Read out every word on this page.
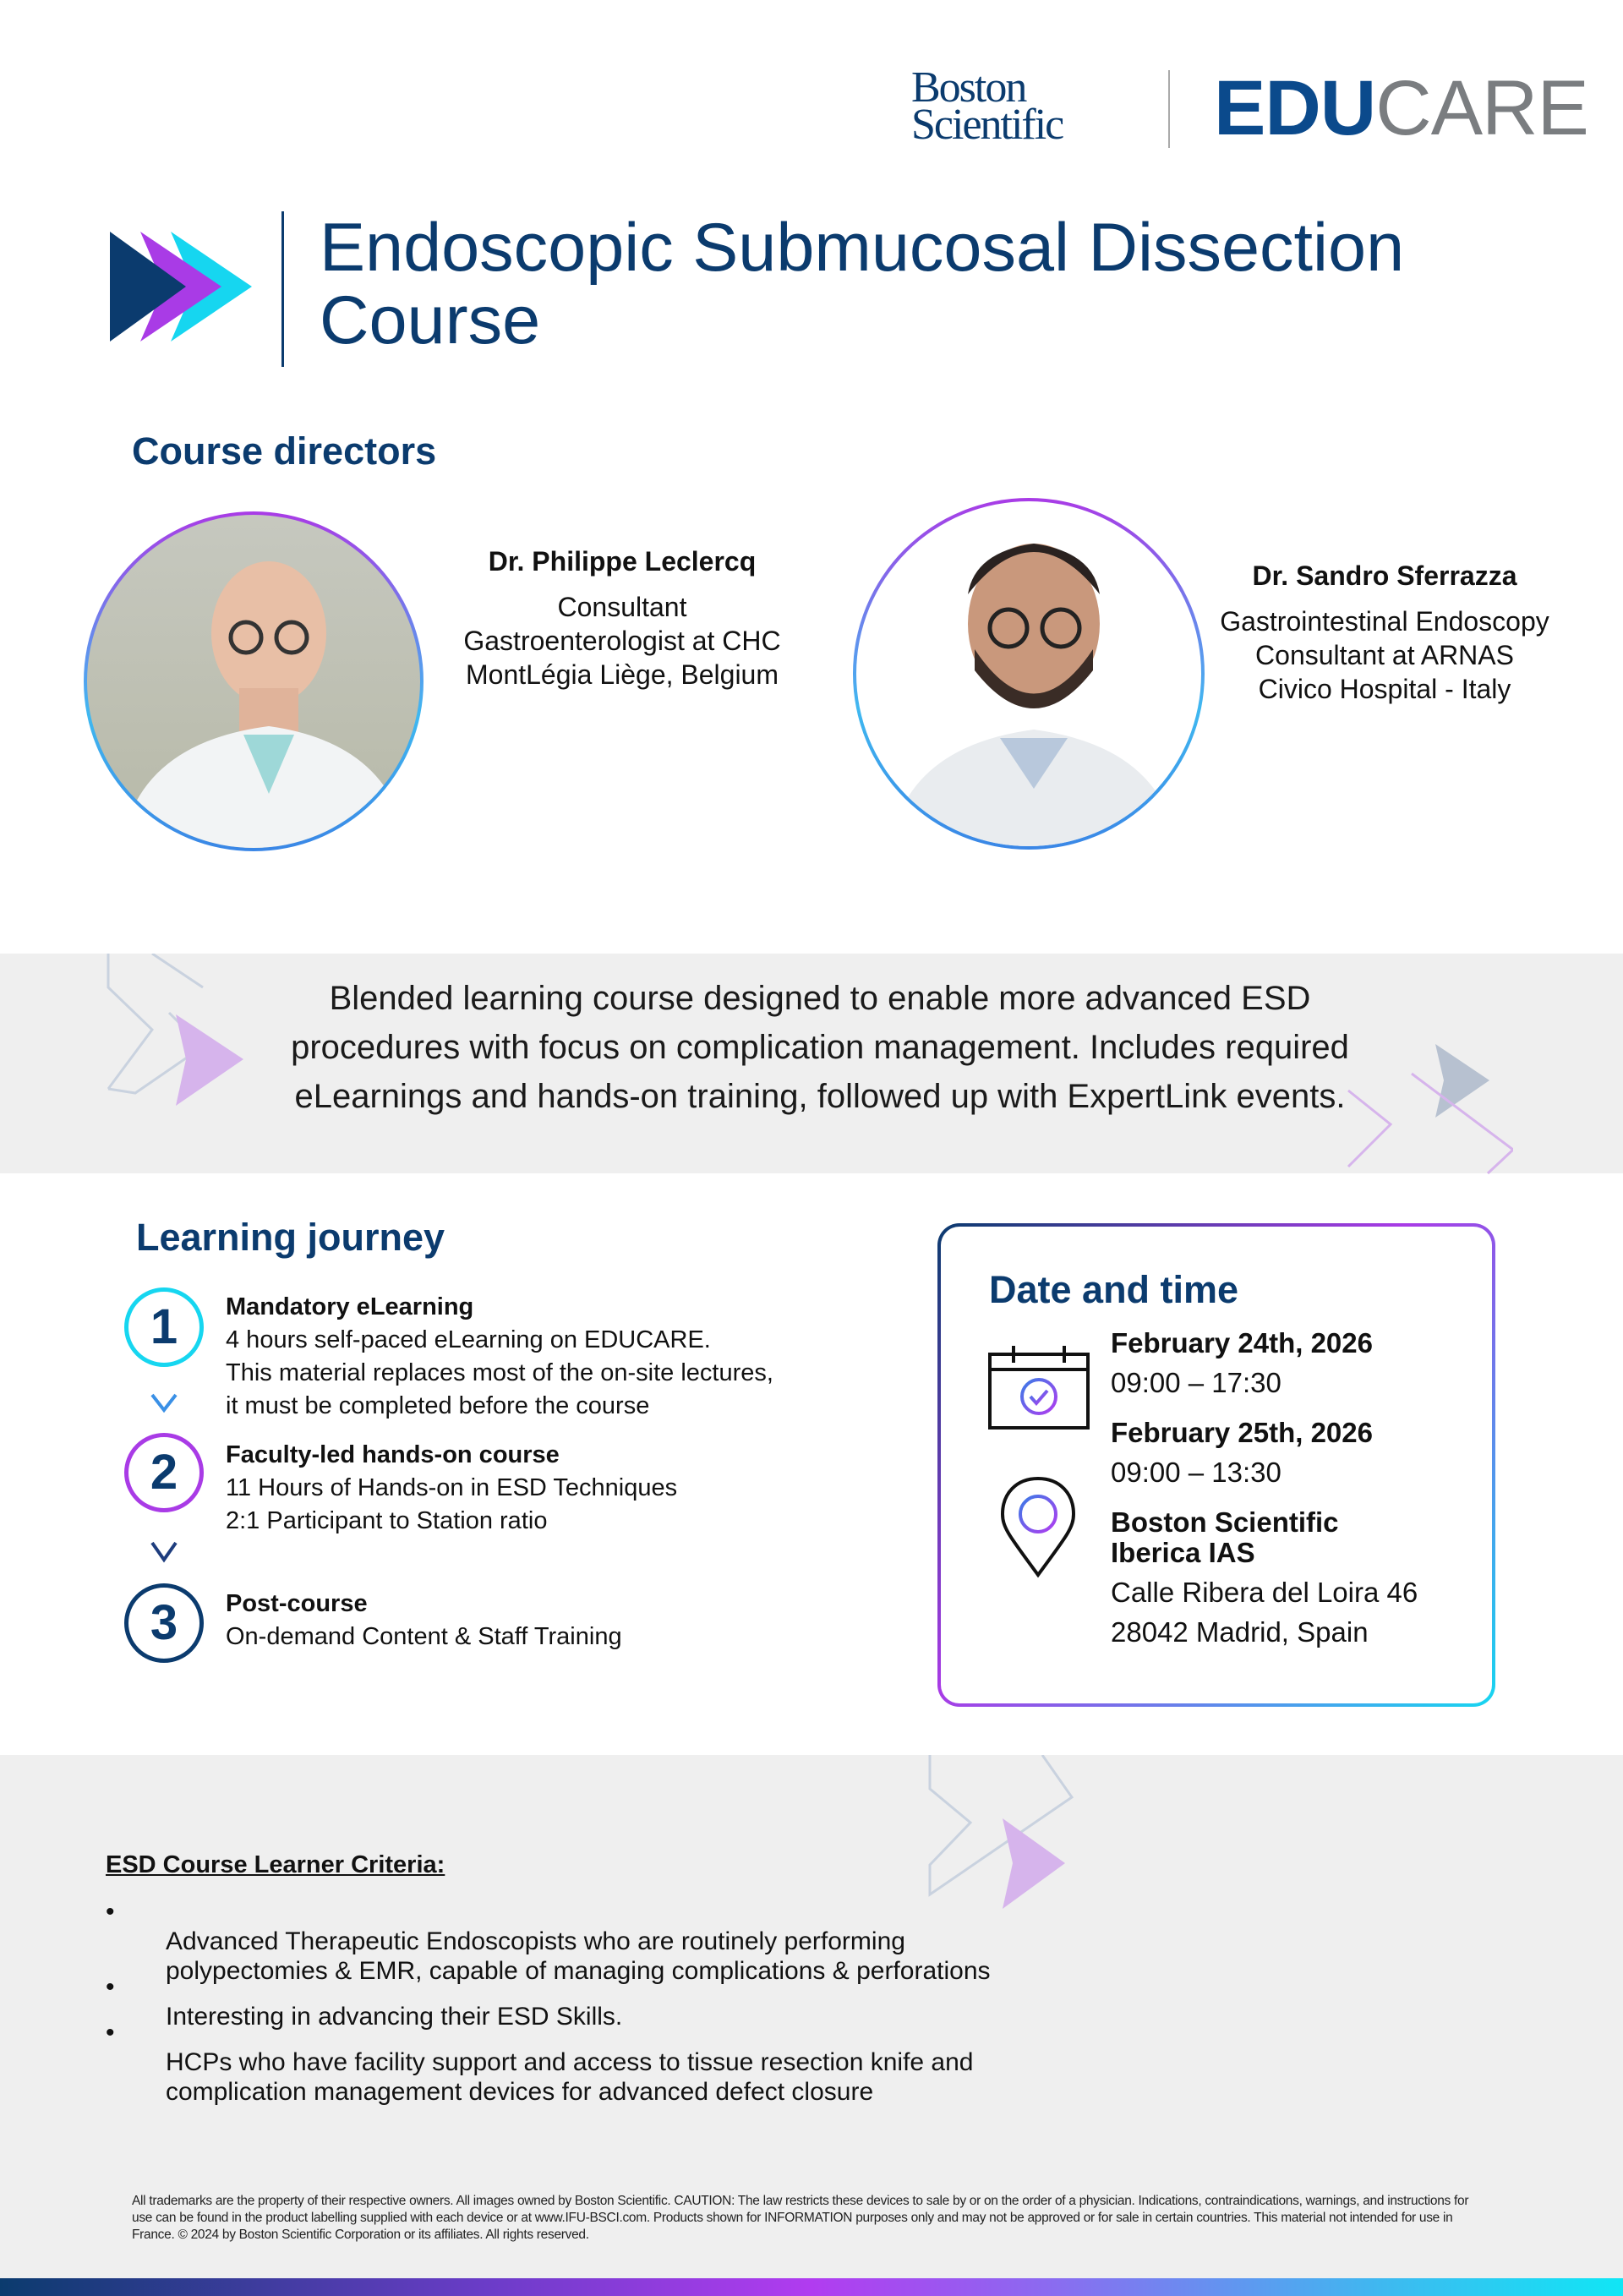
Boston
Scientific EDUCARE
Endoscopic Submucosal Dissection
Course
Course directors
Dr. Philippe Leclercq
Consultant
Gastroenterologist at CHC
MontLégia Liège, Belgium
Dr. Sandro Sferrazza
Gastrointestinal Endoscopy
Consultant at ARNAS
Civico Hospital - Italy
Blended learning course designed to enable more advanced ESD
procedures with focus on complication management. Includes required
eLearnings and hands-on training, followed up with ExpertLink events.
Learning journey
1
2
3
Mandatory eLearning
4 hours self-paced eLearning on EDUCARE.
This material replaces most of the on-site lectures,
it must be completed before the course
Faculty-led hands-on course
11 Hours of Hands-on in ESD Techniques
2:1 Participant to Station ratio
Post-course
On-demand Content & Staff Training
Date and time
February 24th, 2026
09:00 – 17:30
February 25th, 2026
09:00 – 13:30
Boston Scientific
Iberica IAS
Calle Ribera del Loira 46
28042 Madrid, Spain
ESD Course Learner Criteria:
•
Advanced Therapeutic Endoscopists who are routinely performing
polypectomies & EMR, capable of managing complications & perforations
•
Interesting in advancing their ESD Skills.
•
HCPs who have facility support and access to tissue resection knife and
complication management devices for advanced defect closure
All trademarks are the property of their respective owners. All images owned by Boston Scientific. CAUTION: The law restricts these devices to sale by or on the order of a physician. Indications, contraindications, warnings, and instructions for use can be found in the product labelling supplied with each device or at www.IFU-BSCI.com. Products shown for INFORMATION purposes only and may not be approved or for sale in certain countries. This material not intended for use in France. © 2024 by Boston Scientific Corporation or its affiliates. All rights reserved.
